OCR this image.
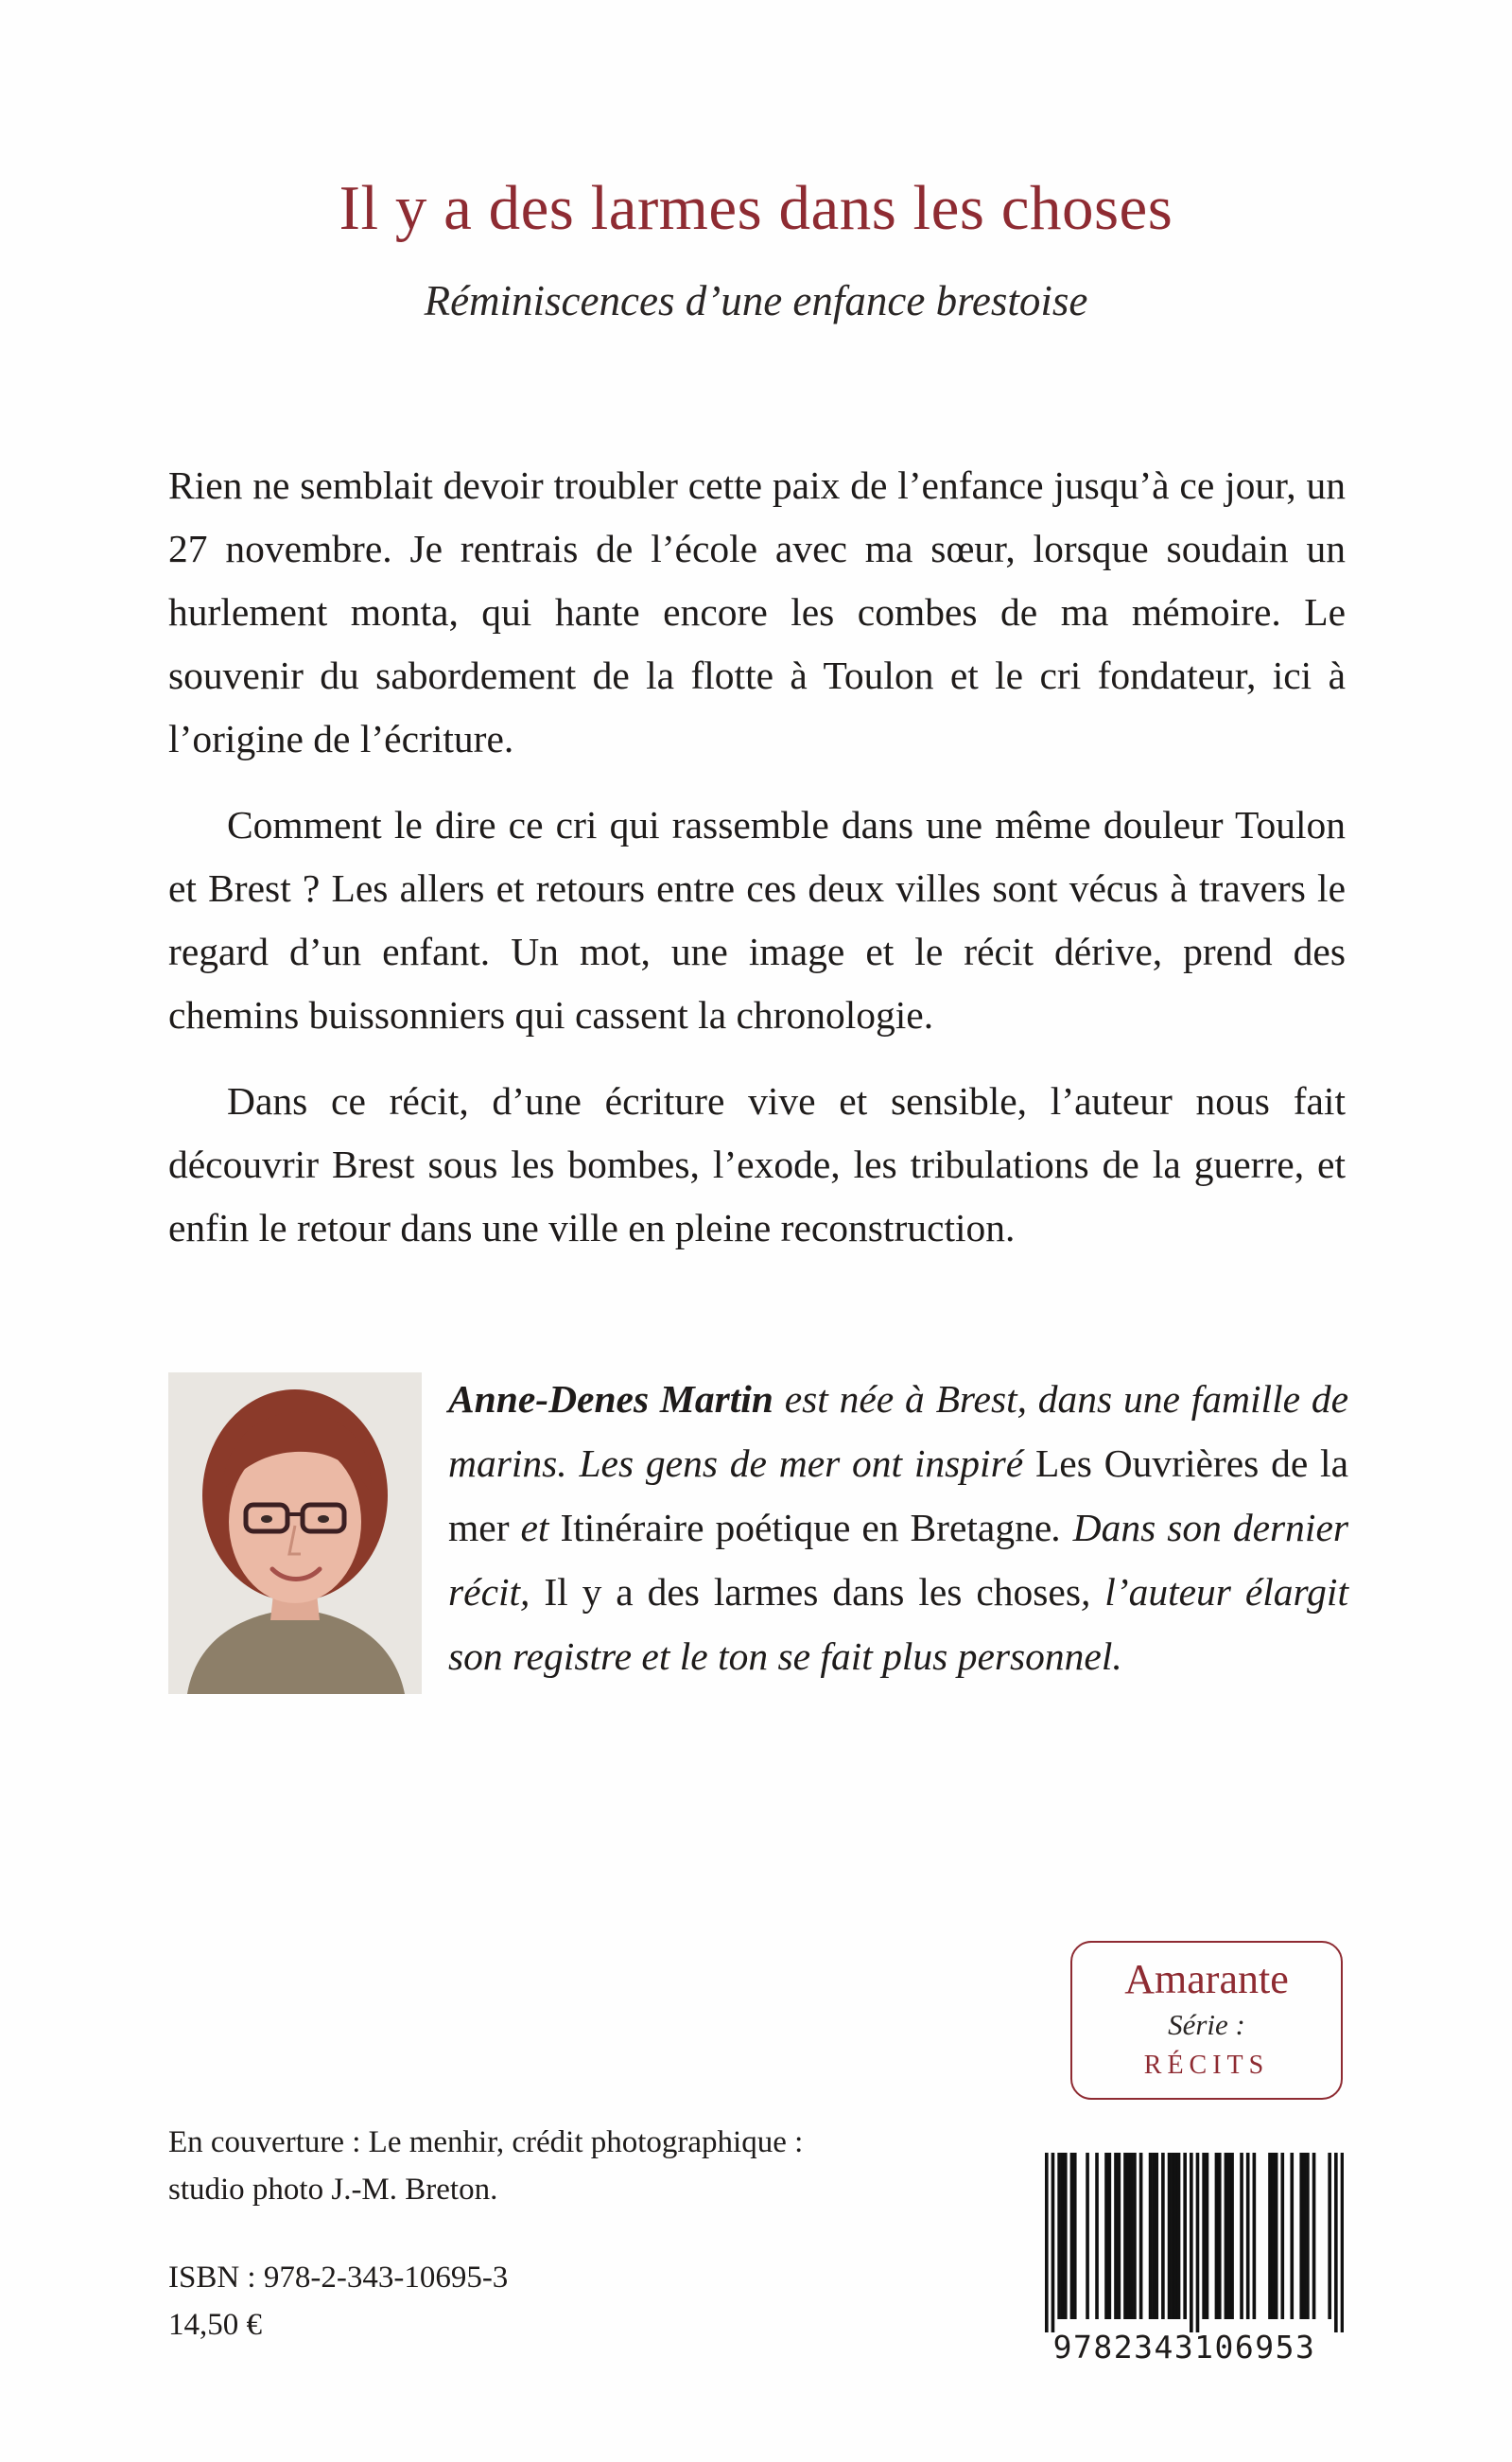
Il y a des larmes dans les choses
Réminiscences d’une enfance brestoise

Rien ne semblait devoir troubler cette paix de l’enfance jusqu’à ce jour, un 27 novembre. Je rentrais de l’école avec ma sœur, lorsque soudain un hurlement monta, qui hante encore les combes de ma mémoire. Le souvenir du sabordement de la flotte à Toulon et le cri fondateur, ici à l’origine de l’écriture.

Comment le dire ce cri qui rassemble dans une même douleur Toulon et Brest ? Les allers et retours entre ces deux villes sont vécus à travers le regard d’un enfant. Un mot, une image et le récit dérive, prend des chemins buissonniers qui cassent la chronologie.

Dans ce récit, d’une écriture vive et sensible, l’auteur nous fait découvrir Brest sous les bombes, l’exode, les tribulations de la guerre, et enfin le retour dans une ville en pleine reconstruction.

Anne-Denes Martin est née à Brest, dans une famille de marins. Les gens de mer ont inspiré Les Ouvrières de la mer et Itinéraire poétique en Bretagne. Dans son dernier récit, Il y a des larmes dans les choses, l’auteur élargit son registre et le ton se fait plus personnel.
Amarante
Série :
RÉCITS
En couverture : Le menhir, crédit photographique :
studio photo J.-M. Breton.
ISBN : 978-2-343-10695-3
14,50 €
9782343106953
